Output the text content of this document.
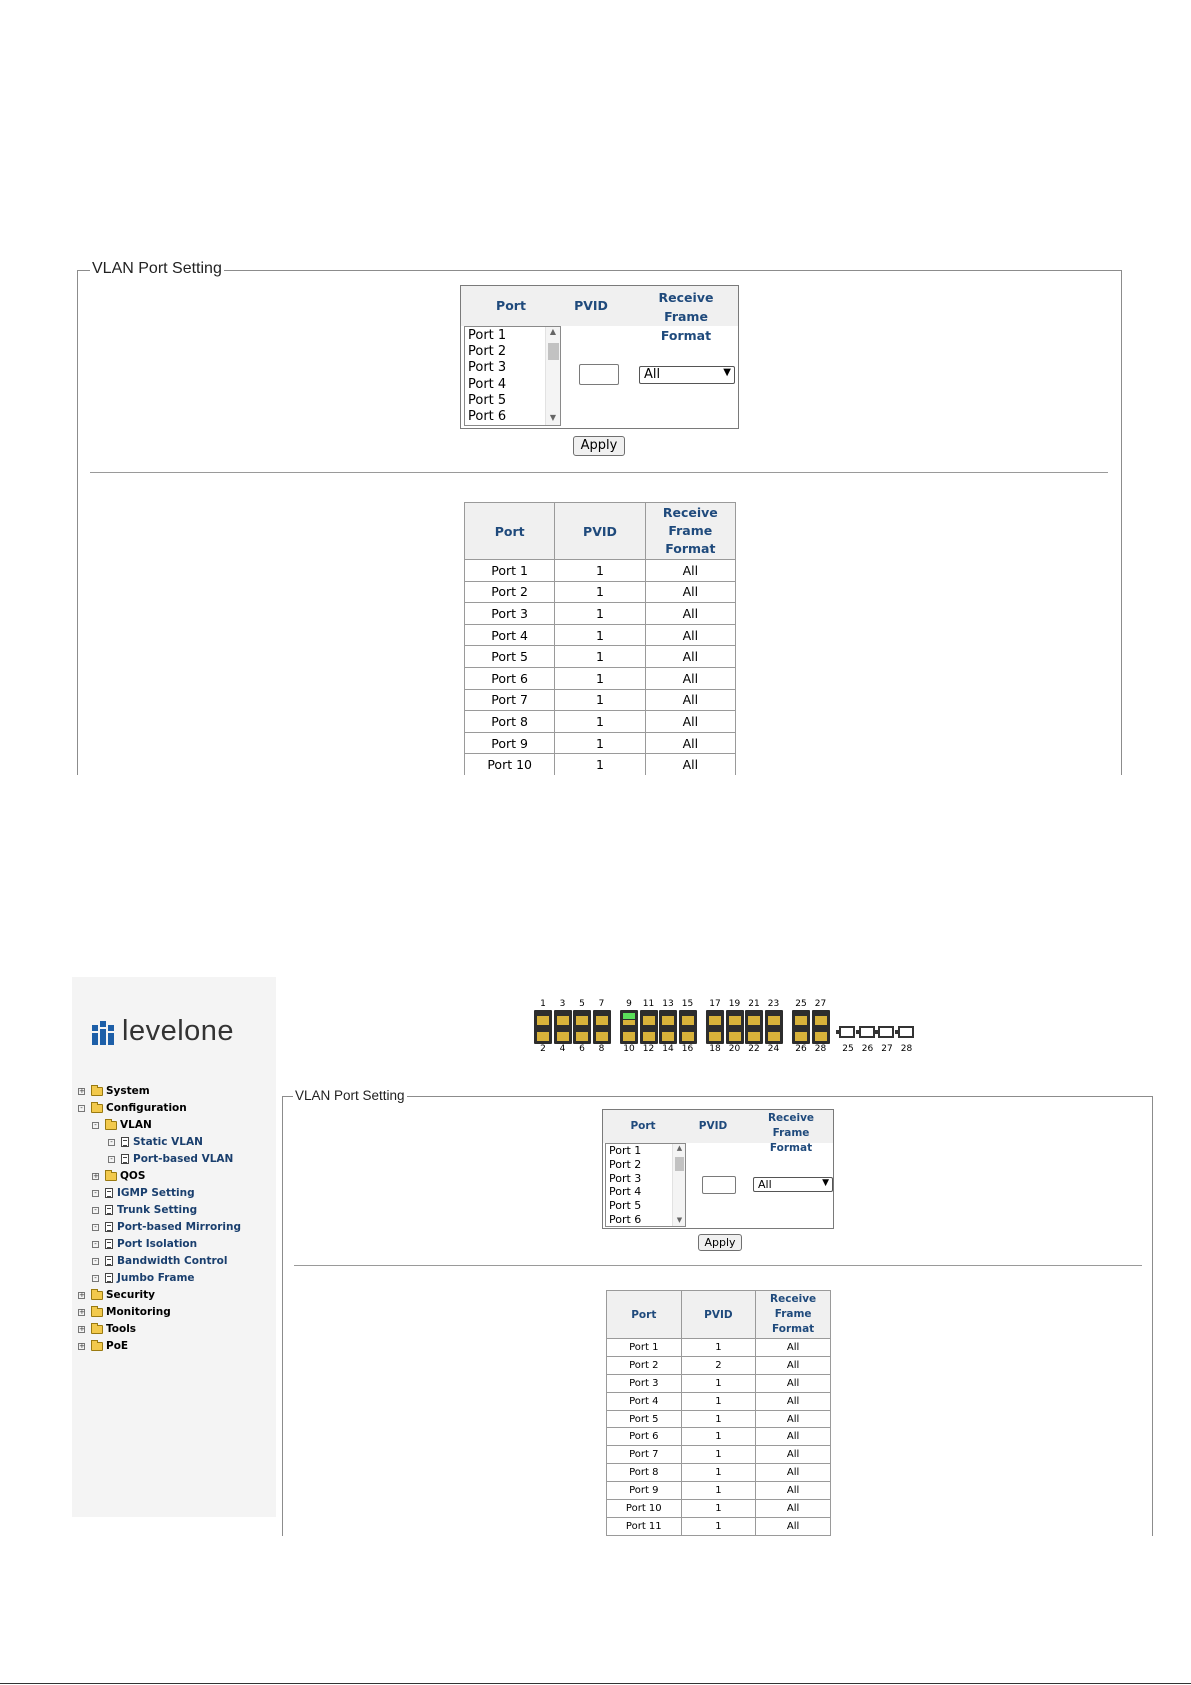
VLAN Port Setting
Port	PVID
Receive Frame Format
Port 1
Port 2
Port 3
Port 4
Port 5
Port 6
▲
▼
All	▼
Apply
Port	PVID	Receive Frame Format
Port 1	1	All
Port 2	1	All
Port 3	1	All
Port 4	1	All
Port 5	1	All
Port 6	1	All
Port 7	1	All
Port 8	1	All
Port 9	1	All
Port 10	1	All

levelone
+ System
- Configuration
- VLAN
- Static VLAN
- Port-based VLAN
+ QOS
- IGMP Setting
- Trunk Setting
- Port-based Mirroring
- Port Isolation
- Bandwidth Control
- Jumbo Frame
+ Security
+ Monitoring
+ Tools
+ PoE
1
2
3
4
5
6
7
8
9
10
11
12
13
14
15
16
17
18
19
20
21
22
23
24
25
26
27
28	25 26 27 28
VLAN Port Setting
Port	PVID
Receive Frame Format
Port 1
Port 2
Port 3
Port 4
Port 5
Port 6
▲
▼
All	▼
Apply
Port	PVID	Receive Frame Format
Port 1	1	All
Port 2	2	All
Port 3	1	All
Port 4	1	All
Port 5	1	All
Port 6	1	All
Port 7	1	All
Port 8	1	All
Port 9	1	All
Port 10	1	All
Port 11	1	All
